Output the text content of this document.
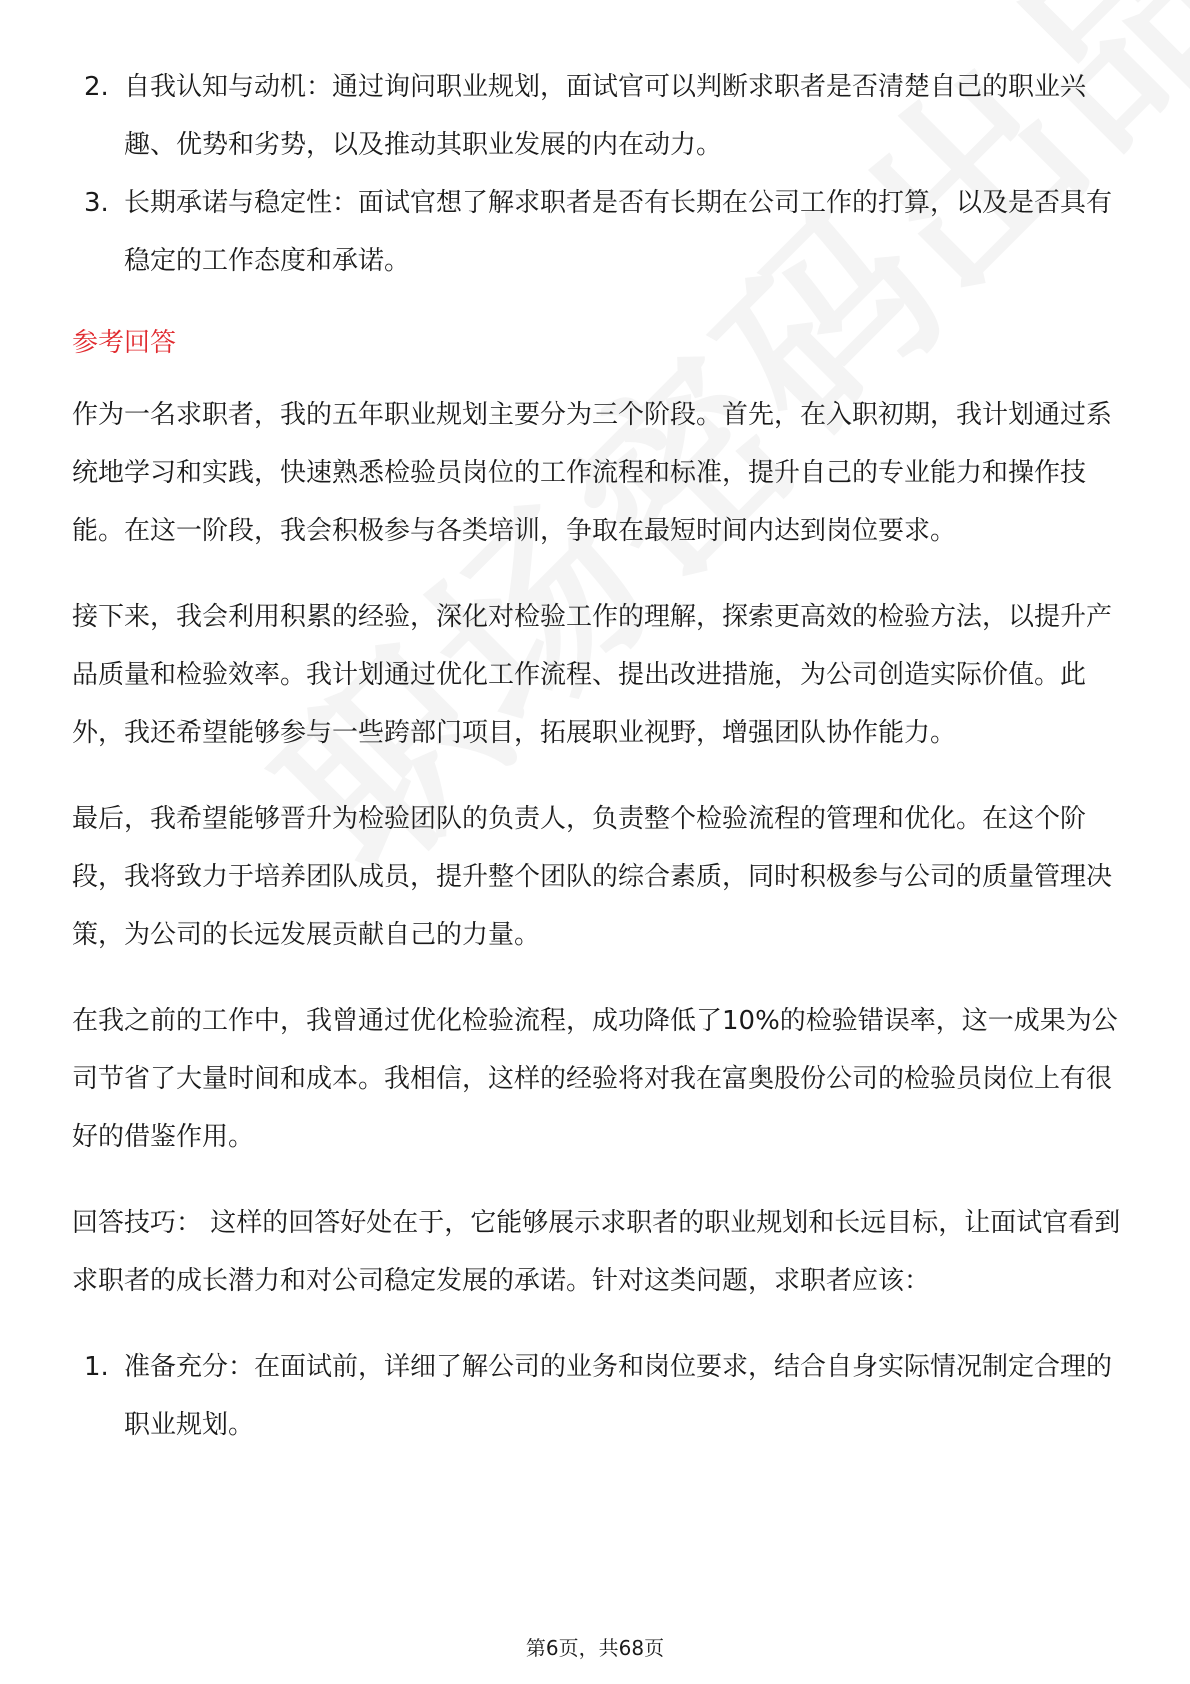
2. 自我认知与动机：通过询问职业规划，面试官可以判断求职者是否清楚自己的职业兴趣、优势和劣势，以及推动其职业发展的内在动力。
3. 长期承诺与稳定性：面试官想了解求职者是否有长期在公司工作的打算，以及是否具有稳定的工作态度和承诺。
参考回答

作为一名求职者，我的五年职业规划主要分为三个阶段。首先，在入职初期，我计划通过系统地学习和实践，快速熟悉检验员岗位的工作流程和标准，提升自己的专业能力和操作技能。在这一阶段，我会积极参与各类培训，争取在最短时间内达到岗位要求。

接下来，我会利用积累的经验，深化对检验工作的理解，探索更高效的检验方法，以提升产品质量和检验效率。我计划通过优化工作流程、提出改进措施，为公司创造实际价值。此外，我还希望能够参与一些跨部门项目，拓展职业视野，增强团队协作能力。

最后，我希望能够晋升为检验团队的负责人，负责整个检验流程的管理和优化。在这个阶段，我将致力于培养团队成员，提升整个团队的综合素质，同时积极参与公司的质量管理决策，为公司的长远发展贡献自己的力量。

在我之前的工作中，我曾通过优化检验流程，成功降低了10%的检验错误率，这一成果为公司节省了大量时间和成本。我相信，这样的经验将对我在富奥股份公司的检验员岗位上有很好的借鉴作用。

回答技巧： 这样的回答好处在于，它能够展示求职者的职业规划和长远目标，让面试官看到求职者的成长潜力和对公司稳定发展的承诺。针对这类问题，求职者应该：

1. 准备充分：在面试前，详细了解公司的业务和岗位要求，结合自身实际情况制定合理的职业规划。
第6页，共68页
